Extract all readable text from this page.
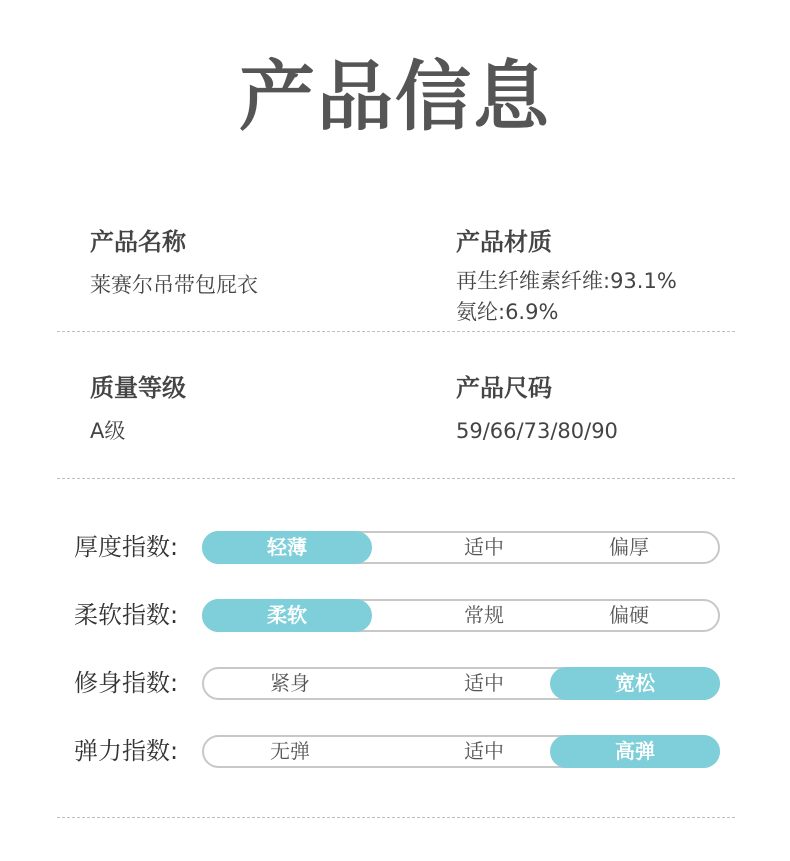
产品信息
产品名称
莱赛尔吊带包屁衣
产品材质
再生纤维素纤维:93.1%
氨纶:6.9%
质量等级
A级
产品尺码
59/66/73/80/90
厚度指数:	轻薄	适中	偏厚
柔软指数:	柔软	常规	偏硬
修身指数:	紧身	适中	宽松
弹力指数:	无弹	适中	高弹
